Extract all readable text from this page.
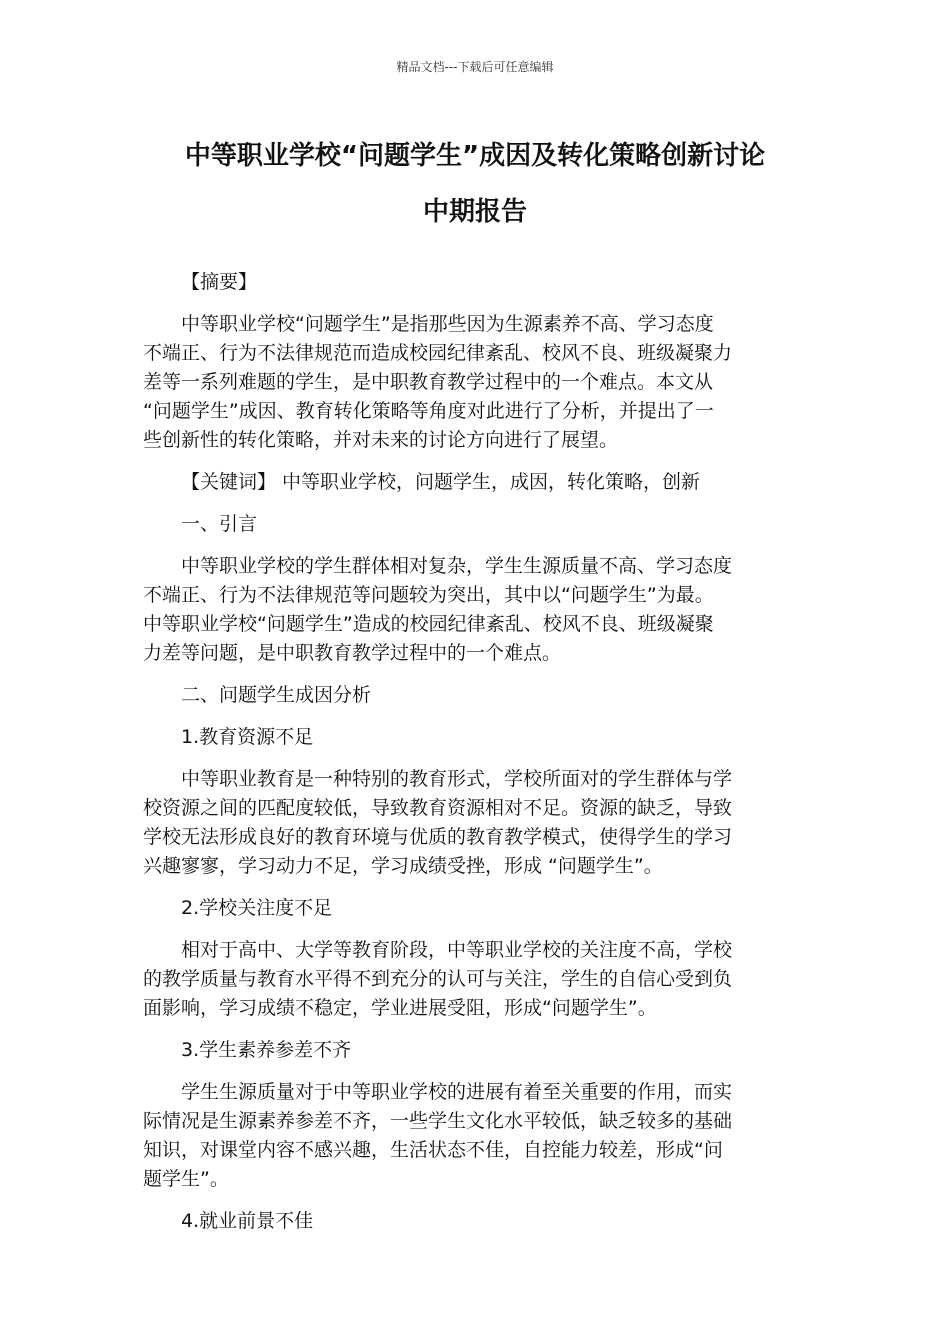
精品文档---下载后可任意编辑
中等职业学校“问题学生”成因及转化策略创新讨论
中期报告
【摘要】
中等职业学校“问题学生”是指那些因为生源素养不高、学习态度
不端正、行为不法律规范而造成校园纪律紊乱、校风不良、班级凝聚力
差等一系列难题的学生，是中职教育教学过程中的一个难点。本文从
“问题学生”成因、教育转化策略等角度对此进行了分析，并提出了一
些创新性的转化策略，并对未来的讨论方向进行了展望。
【关键词】 中等职业学校，问题学生，成因，转化策略，创新
一、引言
中等职业学校的学生群体相对复杂，学生生源质量不高、学习态度
不端正、行为不法律规范等问题较为突出，其中以“问题学生”为最。
中等职业学校“问题学生”造成的校园纪律紊乱、校风不良、班级凝聚
力差等问题，是中职教育教学过程中的一个难点。
二、问题学生成因分析
1.教育资源不足
中等职业教育是一种特别的教育形式，学校所面对的学生群体与学
校资源之间的匹配度较低，导致教育资源相对不足。资源的缺乏，导致
学校无法形成良好的教育环境与优质的教育教学模式，使得学生的学习
兴趣寥寥，学习动力不足，学习成绩受挫，形成 “问题学生”。
2.学校关注度不足
相对于高中、大学等教育阶段，中等职业学校的关注度不高，学校
的教学质量与教育水平得不到充分的认可与关注，学生的自信心受到负
面影响，学习成绩不稳定，学业进展受阻，形成“问题学生”。
3.学生素养参差不齐
学生生源质量对于中等职业学校的进展有着至关重要的作用，而实
际情况是生源素养参差不齐，一些学生文化水平较低，缺乏较多的基础
知识，对课堂内容不感兴趣，生活状态不佳，自控能力较差，形成“问
题学生”。
4.就业前景不佳
